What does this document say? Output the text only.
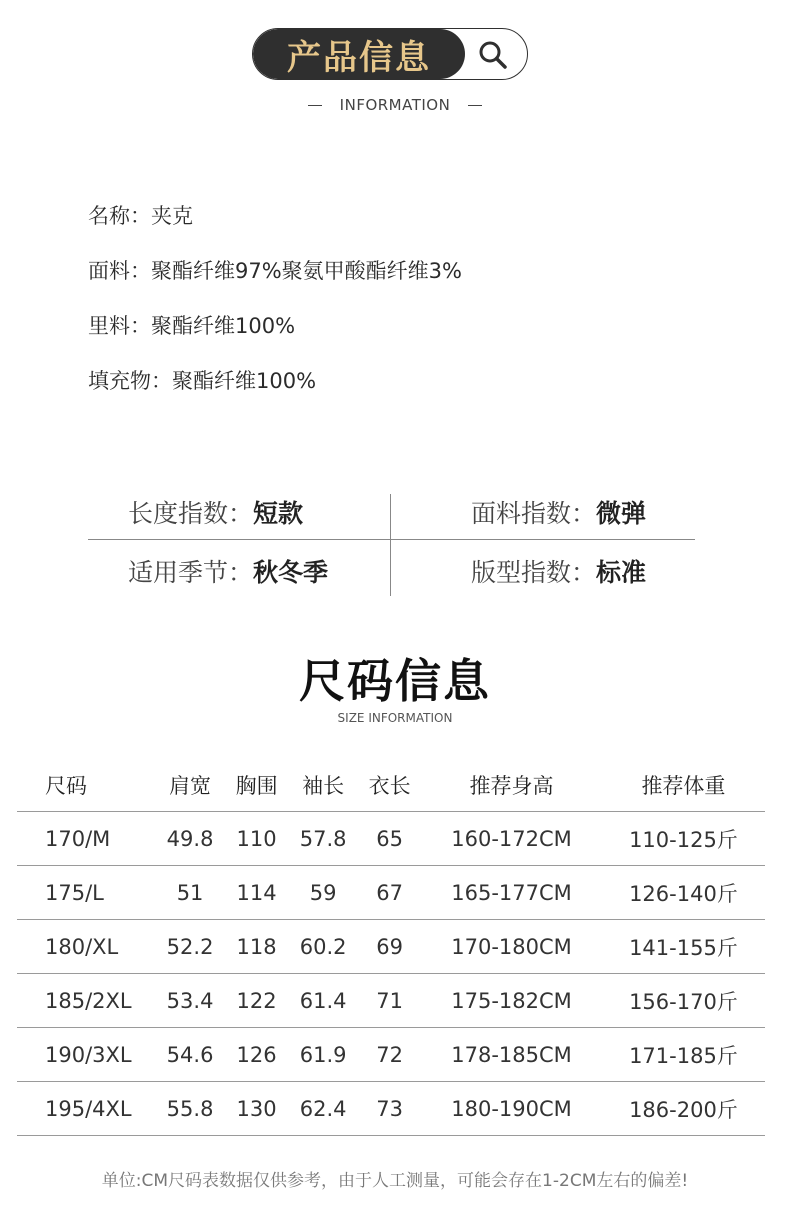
产品信息
INFORMATION
名称：夹克
面料：聚酯纤维97%聚氨甲酸酯纤维3%
里料：聚酯纤维100%
填充物：聚酯纤维100%
长度指数：短款	面料指数：微弹
适用季节：秋冬季	版型指数：标准
尺码信息
SIZE INFORMATION
尺码	肩宽	胸围	袖长	衣长	推荐身高	推荐体重
170/M	49.8	110	57.8	65	160-172CM	110-125斤
175/L	51	114	59	67	165-177CM	126-140斤
180/XL	52.2	118	60.2	69	170-180CM	141-155斤
185/2XL	53.4	122	61.4	71	175-182CM	156-170斤
190/3XL	54.6	126	61.9	72	178-185CM	171-185斤
195/4XL	55.8	130	62.4	73	180-190CM	186-200斤
单位:CM尺码表数据仅供参考，由于人工测量，可能会存在1-2CM左右的偏差!
